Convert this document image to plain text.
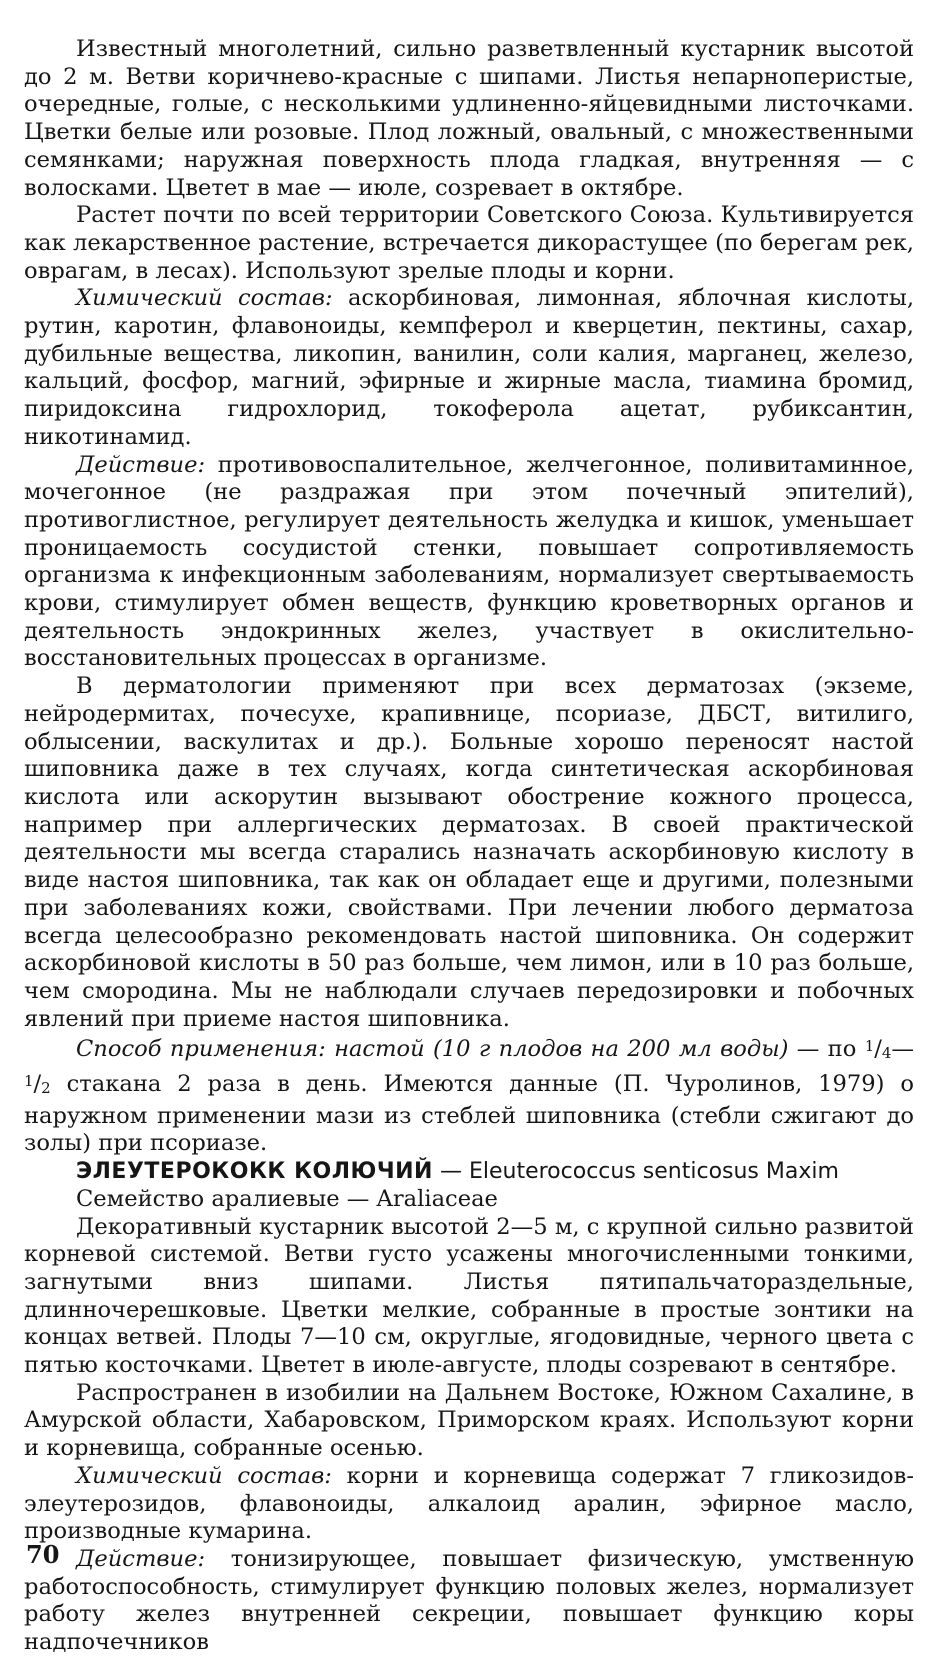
Известный многолетний, сильно разветвленный кустарник высотой до 2 м. Ветви коричнево-красные с шипами. Листья непарноперистые, очередные, голые, с несколькими удлиненно-яйцевидными листочками. Цветки белые или розовые. Плод ложный, овальный, с множественными семянками; наружная поверхность плода гладкая, внутренняя — с волосками. Цветет в мае — июле, созревает в октябре.

Растет почти по всей территории Советского Союза. Культивируется как лекарственное растение, встречается дикорастущее (по берегам рек, оврагам, в лесах). Используют зрелые плоды и корни.

Химический состав: аскорбиновая, лимонная, яблочная кислоты, рутин, каротин, флавоноиды, кемпферол и кверцетин, пектины, сахар, дубильные вещества, ликопин, ванилин, соли калия, марганец, железо, кальций, фосфор, магний, эфирные и жирные масла, тиамина бромид, пиридоксина гидрохлорид, токоферола ацетат, рубиксантин, никотинамид.

Действие: противовоспалительное, желчегонное, поливитаминное, мочегонное (не раздражая при этом почечный эпителий), противоглистное, регулирует деятельность желудка и кишок, уменьшает проницаемость сосудистой стенки, повышает сопротивляемость организма к инфекционным заболеваниям, нормализует свертываемость крови, стимулирует обмен веществ, функцию кроветворных органов и деятельность эндокринных желез, участвует в окислительно-восстановительных процессах в организме.

В дерматологии применяют при всех дерматозах (экземе, нейродермитах, почесухе, крапивнице, псориазе, ДБСТ, витилиго, облысении, васкулитах и др.). Больные хорошо переносят настой шиповника даже в тех случаях, когда синтетическая аскорбиновая кислота или аскорутин вызывают обострение кожного процесса, например при аллергических дерматозах. В своей практической деятельности мы всегда старались назначать аскорбиновую кислоту в виде настоя шиповника, так как он обладает еще и другими, полезными при заболеваниях кожи, свойствами. При лечении любого дерматоза всегда целесообразно рекомендовать настой шиповника. Он содержит аскорбиновой кислоты в 50 раз больше, чем лимон, или в 10 раз больше, чем смородина. Мы не наблюдали случаев передозировки и побочных явлений при приеме настоя шиповника.

Способ применения: настой (10 г плодов на 200 мл воды) — по $^1$/4—$^1$/2 стакана 2 раза в день. Имеются данные (П. Чуролинов, 1979) о наружном применении мази из стеблей шиповника (стебли сжигают до золы) при псориазе.

ЭЛЕУТЕРОКОКК КОЛЮЧИЙ — Eleuterococcus senticosus Maxim
Семейство аралиевые — Araliaceae

Декоративный кустарник высотой 2—5 м, с крупной сильно развитой корневой системой. Ветви густо усажены многочисленными тонкими, загнутыми вниз шипами. Листья пятипальчатораздельные, длинночерешковые. Цветки мелкие, собранные в простые зонтики на концах ветвей. Плоды 7—10 см, округлые, ягодовидные, черного цвета с пятью косточками. Цветет в июле-августе, плоды созревают в сентябре.

Распространен в изобилии на Дальнем Востоке, Южном Сахалине, в Амурской области, Хабаровском, Приморском краях. Используют корни и корневища, собранные осенью.

Химический состав: корни и корневища содержат 7 гликозидов-элеутерозидов, флавоноиды, алкалоид аралин, эфирное масло, производные кумарина.

Действие: тонизирующее, повышает физическую, умственную работоспособность, стимулирует функцию половых желез, нормализует работу желез внутренней секреции, повышает функцию коры надпочечников

70
